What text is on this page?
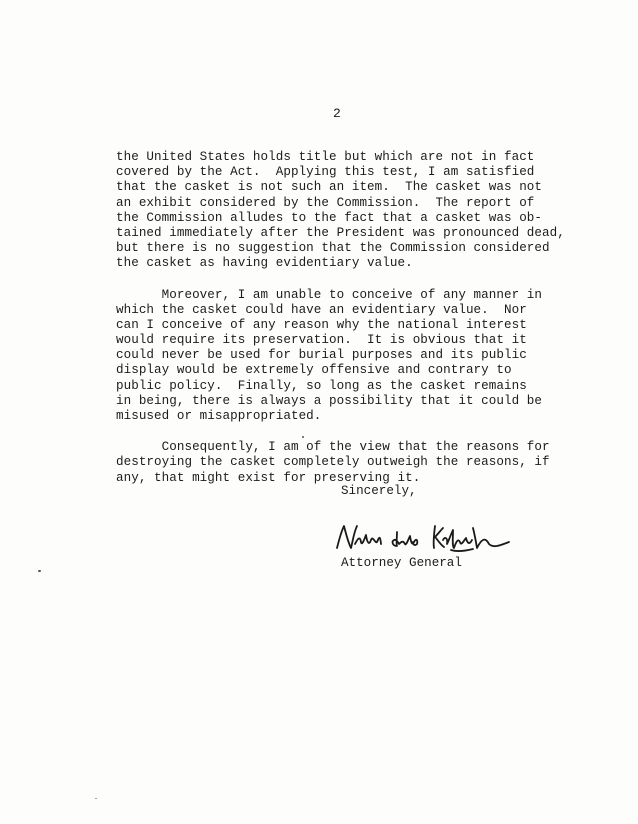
2
the United States holds title but which are not in fact
covered by the Act.  Applying this test, I am satisfied
that the casket is not such an item.  The casket was not
an exhibit considered by the Commission.  The report of
the Commission alludes to the fact that a casket was ob-
tained immediately after the President was pronounced dead,
but there is no suggestion that the Commission considered
the casket as having evidentiary value.
Moreover, I am unable to conceive of any manner in
which the casket could have an evidentiary value.  Nor
can I conceive of any reason why the national interest
would require its preservation.  It is obvious that it
could never be used for burial purposes and its public
display would be extremely offensive and contrary to
public policy.  Finally, so long as the casket remains
in being, there is always a possibility that it could be
misused or misappropriated.
Consequently, I am of the view that the reasons for
destroying the casket completely outweigh the reasons, if
any, that might exist for preserving it.
Sincerely,
Attorney General
